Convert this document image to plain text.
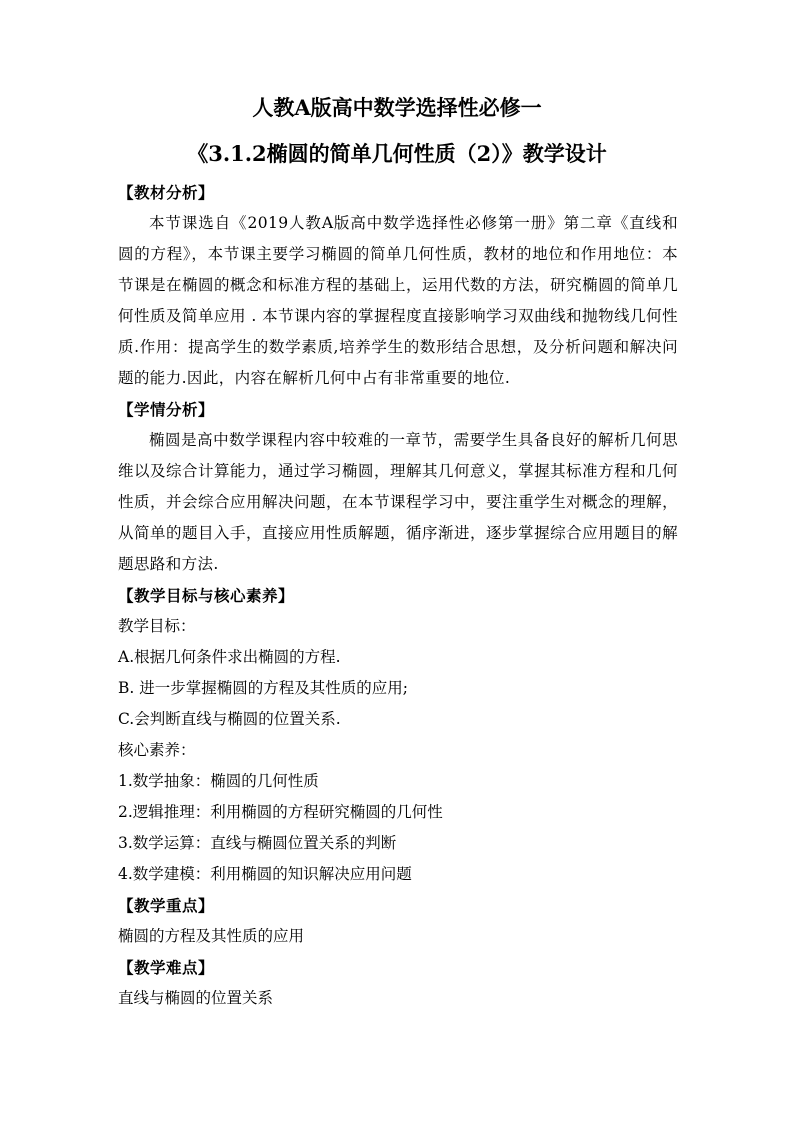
人教A版高中数学选择性必修一
《3.1.2椭圆的简单几何性质（2）》教学设计

【教材分析】

本节课选自《2019人教A版高中数学选择性必修第一册》第二章《直线和圆的方程》，本节课主要学习椭圆的简单几何性质，教材的地位和作用地位：本节课是在椭圆的概念和标准方程的基础上，运用代数的方法，研究椭圆的简单几何性质及简单应用 . 本节课内容的掌握程度直接影响学习双曲线和抛物线几何性质.作用：提高学生的数学素质,培养学生的数形结合思想，及分析问题和解决问题的能力.因此，内容在解析几何中占有非常重要的地位.

【学情分析】

椭圆是高中数学课程内容中较难的一章节，需要学生具备良好的解析几何思维以及综合计算能力，通过学习椭圆，理解其几何意义，掌握其标准方程和几何性质，并会综合应用解决问题，在本节课程学习中，要注重学生对概念的理解，从简单的题目入手，直接应用性质解题，循序渐进，逐步掌握综合应用题目的解题思路和方法.

【教学目标与核心素养】

教学目标：

A.根据几何条件求出椭圆的方程.

B. 进一步掌握椭圆的方程及其性质的应用;

C.会判断直线与椭圆的位置关系.

核心素养：

1.数学抽象：椭圆的几何性质

2.逻辑推理：利用椭圆的方程研究椭圆的几何性

3.数学运算：直线与椭圆位置关系的判断

4.数学建模：利用椭圆的知识解决应用问题

【教学重点】

椭圆的方程及其性质的应用

【教学难点】

直线与椭圆的位置关系
